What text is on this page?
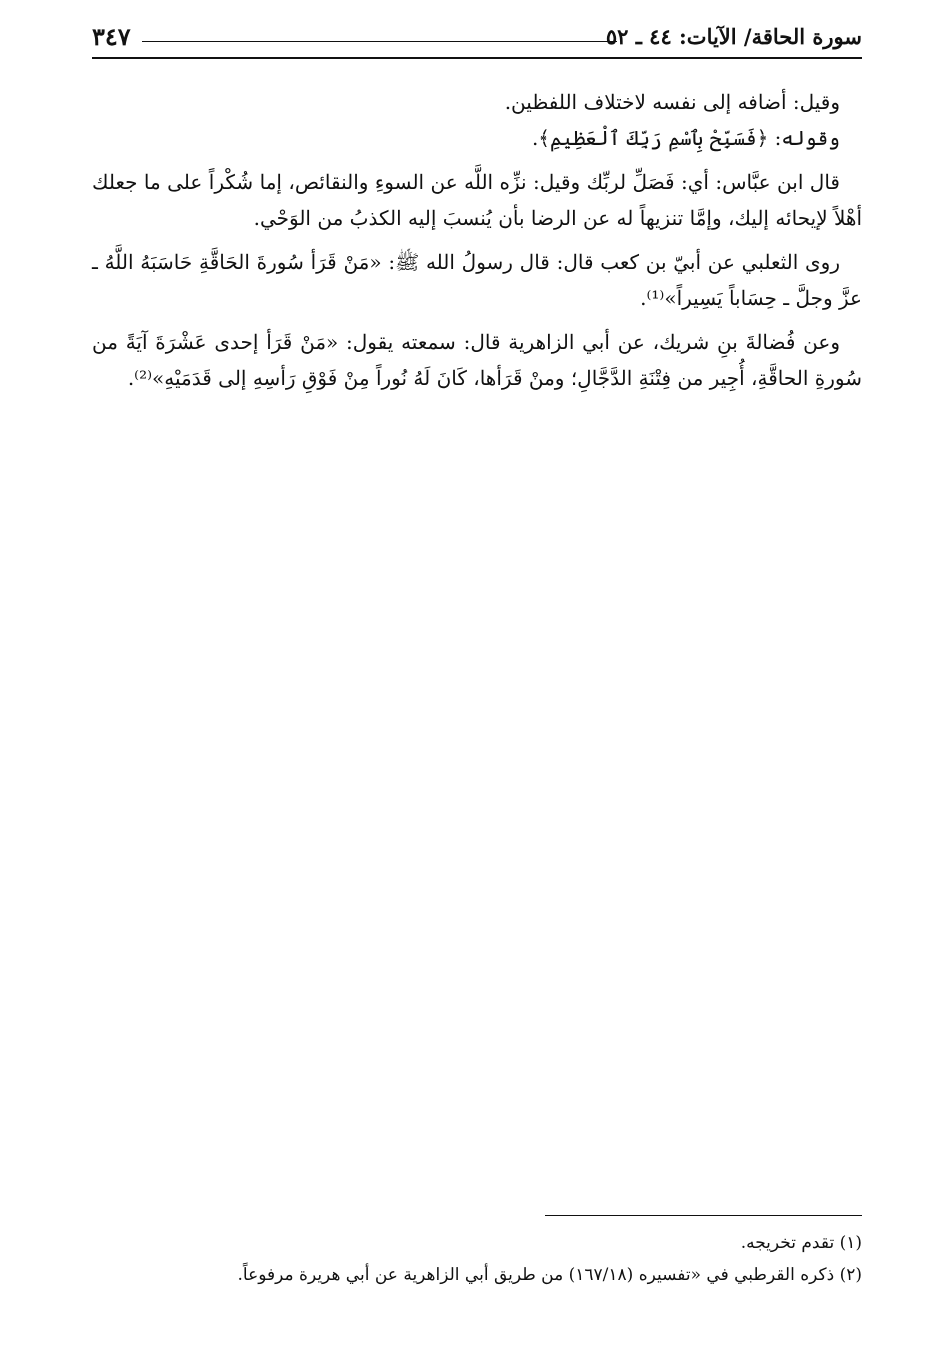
سورة الحاقة/ الآيات: ٤٤ ـ ٥٢
٣٤٧

وقيل: أضافه إلى نفسه لاختلاف اللفظين.

وقوله: ﴿فَسَبِّحْ بِٱسْمِ رَبِّكَ ٱلْعَظِيمِ﴾.

قال ابن عبَّاس: أي: فَصَلِّ لربِّك وقيل: نزِّه اللَّه عن السوءِ والنقائص، إما شُكْراً على ما جعلك أهْلاً لإيحائه إليك، وإمَّا تنزيهاً له عن الرضا بأن يُنسبَ إليه الكذبُ من الوَحْي.

روى الثعلبي عن أبيّ بن كعب قال: قال رسولُ الله ﷺ: «مَنْ قَرَأ سُورةَ الحَاقَّةِ حَاسَبَهُ اللَّهُ ـ عزَّ وجلَّ ـ حِسَاباً يَسِيراً»⁽¹⁾.

وعن فُضالةَ بنِ شريك، عن أبي الزاهرية قال: سمعته يقول: «مَنْ قَرَأ إحدى عَشْرَةَ آيَةً من سُورةِ الحاقَّةِ، أُجِير من فِتْنَةِ الدَّجَّالِ؛ ومنْ قَرَأها، كَانَ لَهُ نُوراً مِنْ فَوْقِ رَأسِهِ إلى قَدَمَيْهِ»⁽²⁾.

(١) تقدم تخريجه.

(٢) ذكره القرطبي في «تفسيره (١٦٧/١٨) من طريق أبي الزاهرية عن أبي هريرة مرفوعاً.
